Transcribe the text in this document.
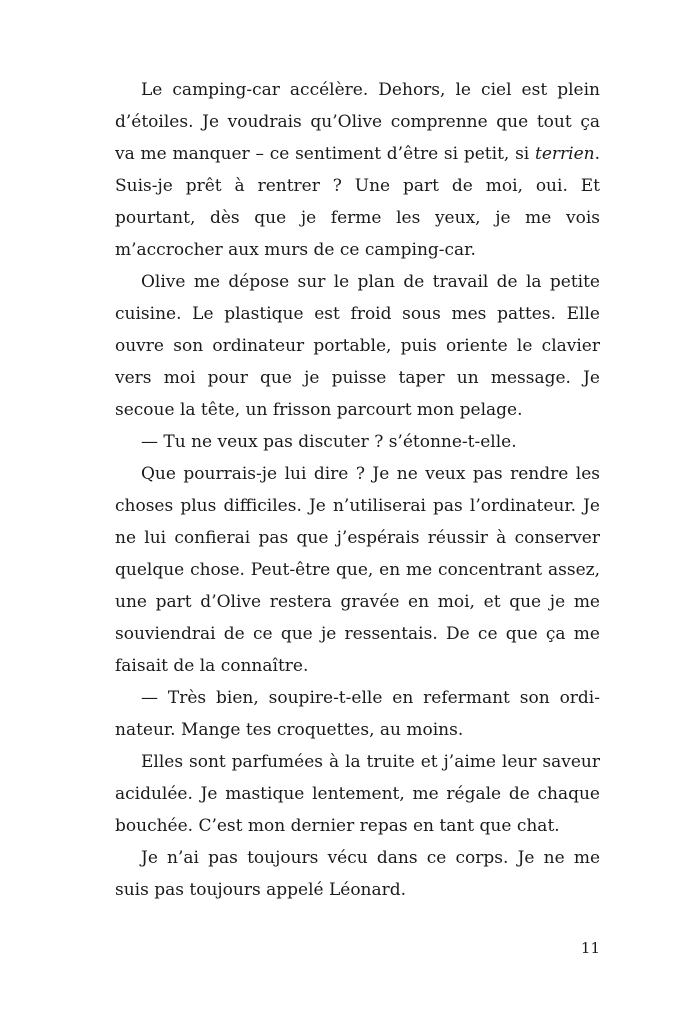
Le camping-car accélère. Dehors, le ciel est plein d’étoiles. Je voudrais qu’Olive comprenne que tout ça va me manquer – ce sentiment d’être si petit, si terrien. Suis-je prêt à rentrer ? Une part de moi, oui. Et pourtant, dès que je ferme les yeux, je me vois m’accrocher aux murs de ce camping-car.

Olive me dépose sur le plan de travail de la petite cuisine. Le plastique est froid sous mes pattes. Elle ouvre son ordinateur portable, puis oriente le clavier vers moi pour que je puisse taper un message. Je secoue la tête, un frisson parcourt mon pelage.

— Tu ne veux pas discuter ? s’étonne-t-elle.

Que pourrais-je lui dire ? Je ne veux pas rendre les choses plus difficiles. Je n’utiliserai pas l’ordinateur. Je ne lui confierai pas que j’espérais réussir à conserver quelque chose. Peut-être que, en me concentrant assez, une part d’Olive restera gravée en moi, et que je me souviendrai de ce que je ressentais. De ce que ça me faisait de la connaître.

— Très bien, soupire-t-elle en refermant son ordinateur. Mange tes croquettes, au moins.

Elles sont parfumées à la truite et j’aime leur saveur acidulée. Je mastique lentement, me régale de chaque bouchée. C’est mon dernier repas en tant que chat.

Je n’ai pas toujours vécu dans ce corps. Je ne me suis pas toujours appelé Léonard.

11
